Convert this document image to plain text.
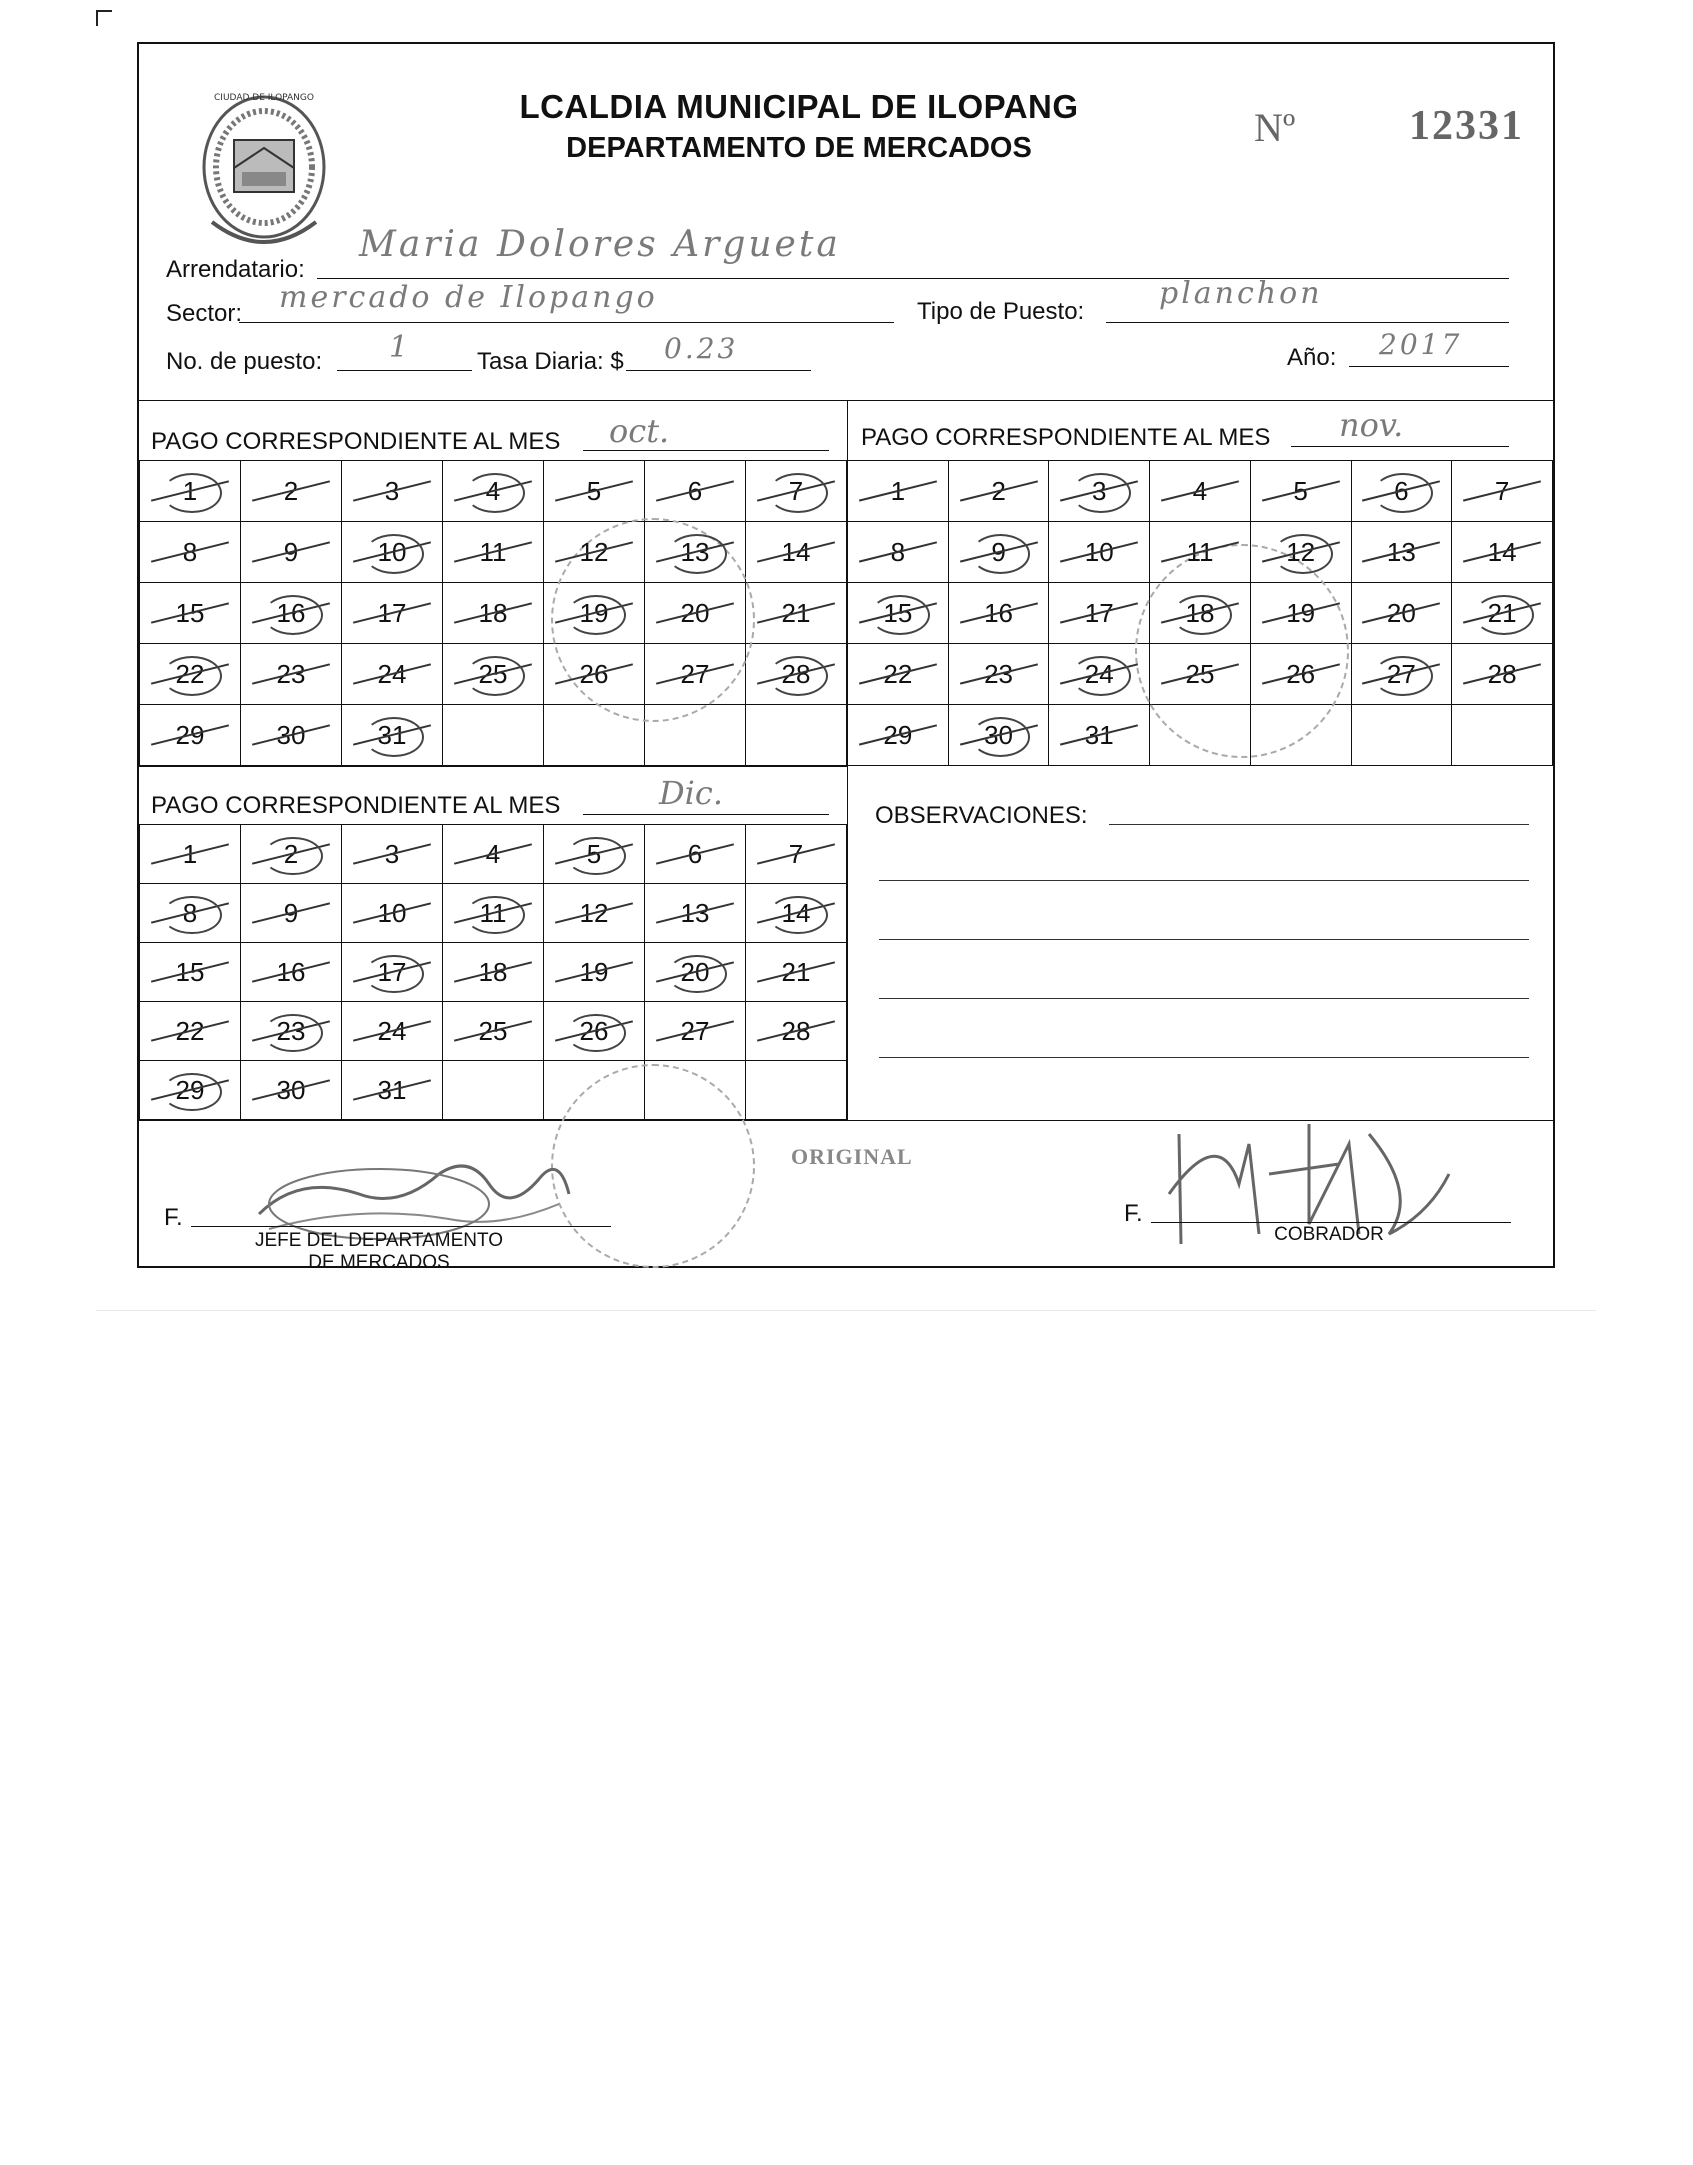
CIUDAD DE ILOPANGO	LCALDIA MUNICIPAL DE ILOPANG
DEPARTAMENTO DE MERCADOS	Nº	12331
Arrendatario:
Maria Dolores Argueta
Sector: mercado de Ilopango	Tipo de Puesto:
planchon
No. de puesto: 1	Tasa Diaria: $ 0.23	Año: 2017
PAGO CORRESPONDIENTE AL MES oct.
1	2	3	4	5	6	7

8	9	10	11	12	13	14

15	16	17	18	19	20	21

22	23	24	25	26	27	28

29	30	31

PAGO CORRESPONDIENTE AL MES nov.
1	2	3	4	5	6	7

8	9	10	11	12	13	14

15	16	17	18	19	20	21

22	23	24	25	26	27	28

29	30	31

PAGO CORRESPONDIENTE AL MES	Dic.
1	2	3	4	5	6	7

8	9	10	11	12	13	14

15	16	17	18	19	20	21

22	23	24	25	26	27	28

29	30	31

OBSERVACIONES:
ORIGINAL
F.
JEFE DEL DEPARTAMENTO
DE MERCADOS
F.
COBRADOR
